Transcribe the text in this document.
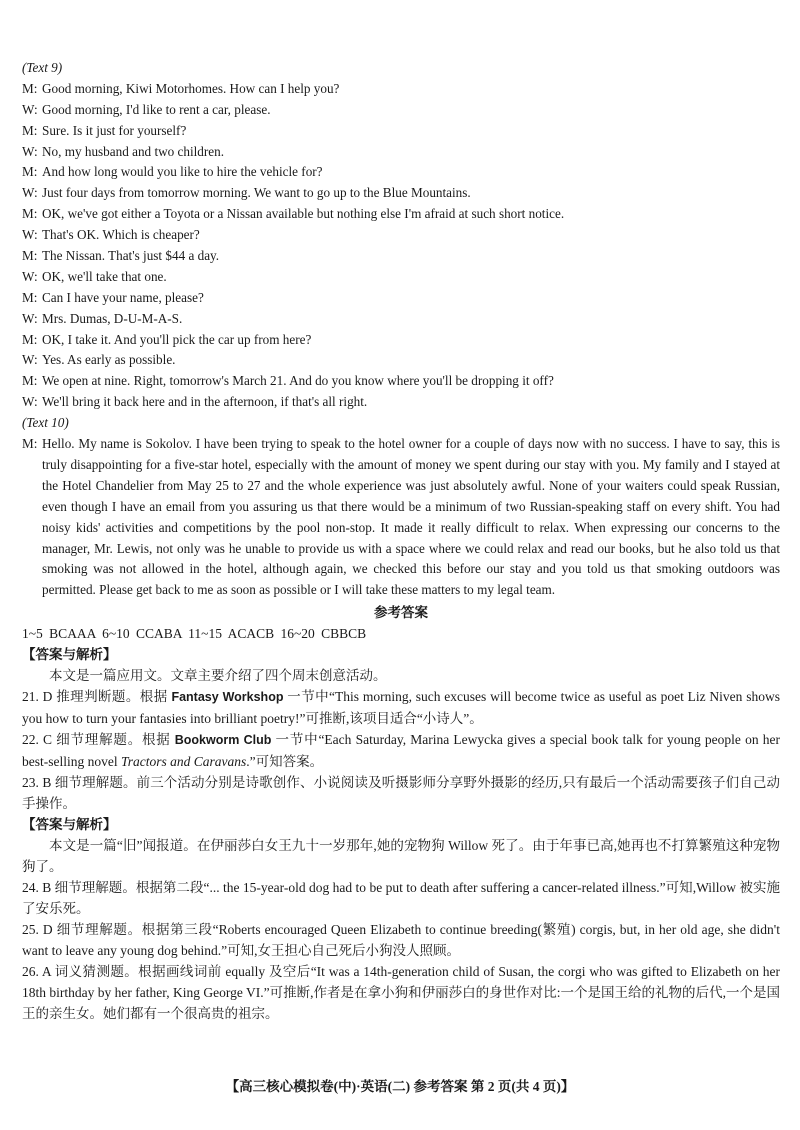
(Text 9)
M: Good morning, Kiwi Motorhomes. How can I help you?
W: Good morning, I'd like to rent a car, please.
M: Sure. Is it just for yourself?
W: No, my husband and two children.
M: And how long would you like to hire the vehicle for?
W: Just four days from tomorrow morning. We want to go up to the Blue Mountains.
M: OK, we've got either a Toyota or a Nissan available but nothing else I'm afraid at such short notice.
W: That's OK. Which is cheaper?
M: The Nissan. That's just $44 a day.
W: OK, we'll take that one.
M: Can I have your name, please?
W: Mrs. Dumas, D-U-M-A-S.
M: OK, I take it. And you'll pick the car up from here?
W: Yes. As early as possible.
M: We open at nine. Right, tomorrow's March 21. And do you know where you'll be dropping it off?
W: We'll bring it back here and in the afternoon, if that's all right.
(Text 10)
M: Hello. My name is Sokolov. I have been trying to speak to the hotel owner for a couple of days now with no success. I have to say, this is truly disappointing for a five-star hotel, especially with the amount of money we spent during our stay with you. My family and I stayed at the Hotel Chandelier from May 25 to 27 and the whole experience was just absolutely awful. None of your waiters could speak Russian, even though I have an email from you assuring us that there would be a minimum of two Russian-speaking staff on every shift. You had noisy kids' activities and competitions by the pool non-stop. It made it really difficult to relax. When expressing our concerns to the manager, Mr. Lewis, not only was he unable to provide us with a space where we could relax and read our books, but he also told us that smoking was not allowed in the hotel, although again, we checked this before our stay and you told us that smoking outdoors was permitted. Please get back to me as soon as possible or I will take these matters to my legal team.
参考答案
1~5 BCAAA 6~10 CCABA 11~15 ACACB 16~20 CBBCB
【答案与解析】
本文是一篇应用文。文章主要介绍了四个周末创意活动。
21. D 推理判断题。根据 Fantasy Workshop 一节中“This morning, such excuses will become twice as useful as poet Liz Niven shows you how to turn your fantasies into brilliant poetry!”可推断,该项目适合“小诗人”。
22. C 细节理解题。根据 Bookworm Club 一节中“Each Saturday, Marina Lewycka gives a special book talk for young people on her best-selling novel Tractors and Caravans.”可知答案。
23. B 细节理解题。前三个活动分别是诗歌创作、小说阅读及听摄影师分享野外摄影的经历,只有最后一个活动需要孩子们自己动手操作。
【答案与解析】
本文是一篇“旧”闻报道。在伊丽莎白女王九十一岁那年,她的宠物狗 Willow 死了。由于年事已高,她再也不打算繁殖这种宠物狗了。
24. B 细节理解题。根据第二段“... the 15-year-old dog had to be put to death after suffering a cancer-related illness.”可知,Willow 被实施了安乐死。
25. D 细节理解题。根据第三段“Roberts encouraged Queen Elizabeth to continue breeding(繁殖) corgis, but, in her old age, she didn't want to leave any young dog behind.”可知,女王担心自己死后小狗没人照顾。
26. A 词义猜测题。根据画线词前 equally 及空后“It was a 14th-generation child of Susan, the corgi who was gifted to Elizabeth on her 18th birthday by her father, King George VI.”可推断,作者是在拿小狗和伊丽莎白的身世作对比:一个是国王给的礼物的后代,一个是国王的亲生女。她们都有一个很高贵的祖宗。
【高三核心模拟卷(中)·英语(二) 参考答案 第 2 页(共 4 页)】
